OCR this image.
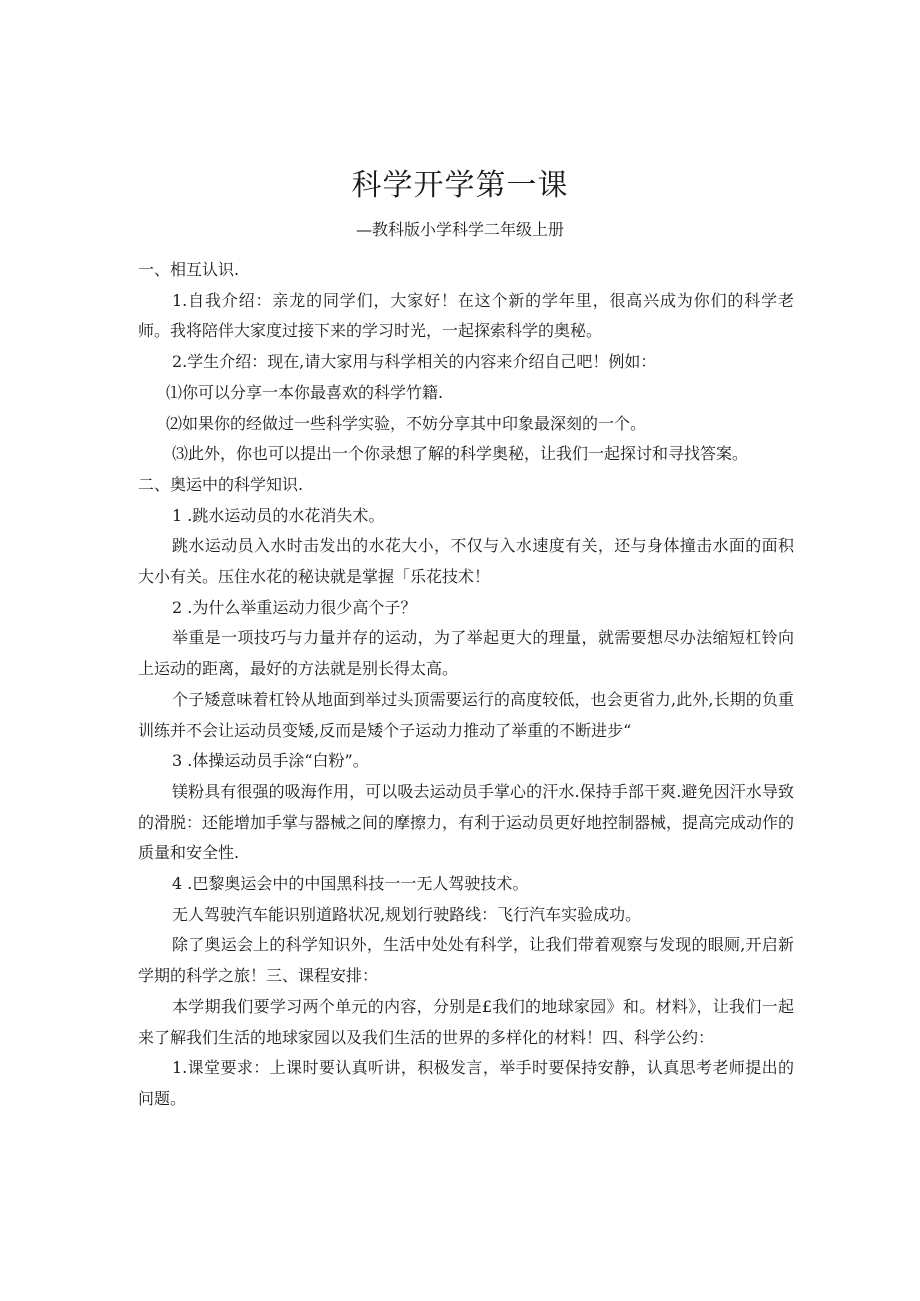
科学开学第一课

—教科版小学科学二年级上册

一、相互认识.

1.自我介绍：亲龙的同学们，大家好！在这个新的学年里，很高兴成为你们的科学老师。我将陪伴大家度过接下来的学习时光，一起探索科学的奥秘。

2.学生介绍：现在,请大家用与科学相关的内容来介绍自己吧！例如：

⑴你可以分享一本你最喜欢的科学竹籍.

⑵如果你的经做过一些科学实验，不妨分享其中印象最深刻的一个。

⑶此外，你也可以提出一个你录想了解的科学奥秘，让我们一起探讨和寻找答案。

二、奥运中的科学知识.

1 .跳水运动员的水花消失术。

跳水运动员入水时击发出的水花大小，不仅与入水速度有关，还与身体撞击水面的面积大小有关。压住水花的秘诀就是掌握「乐花技术！

2 .为什么举重运动力很少高个子？

举重是一项技巧与力量并存的运动，为了举起更大的理量，就需要想尽办法缩短杠铃向上运动的距离，最好的方法就是别长得太高。

个子矮意味着杠铃从地面到举过头顶需要运行的高度较低，也会更省力,此外,长期的负重训练并不会让运动员变矮,反而是矮个子运动力推动了举重的不断进步“

3 .体操运动员手涂“白粉”。

镁粉具有很强的吸海作用，可以吸去运动员手掌心的汗水.保持手部干爽.避免因汗水导致的滑脱：还能增加手掌与器械之间的摩擦力，有利于运动员更好地控制器械，提高完成动作的质量和安全性.

4 .巴黎奥运会中的中国黑科技一一无人驾驶技术。

无人驾驶汽车能识别道路状况,规划行驶路线：飞行汽车实验成功。

除了奥运会上的科学知识外，生活中处处有科学，让我们带着观察与发现的眼厕,开启新学期的科学之旅！三、课程安排：

本学期我们要学习两个单元的内容，分别是£我们的地球家园》和。材料》，让我们一起来了解我们生活的地球家园以及我们生活的世界的多样化的材料！四、科学公约：

1.课堂要求：上课时要认真听讲，积极发言，举手时要保持安静，认真思考老师提出的问题。
